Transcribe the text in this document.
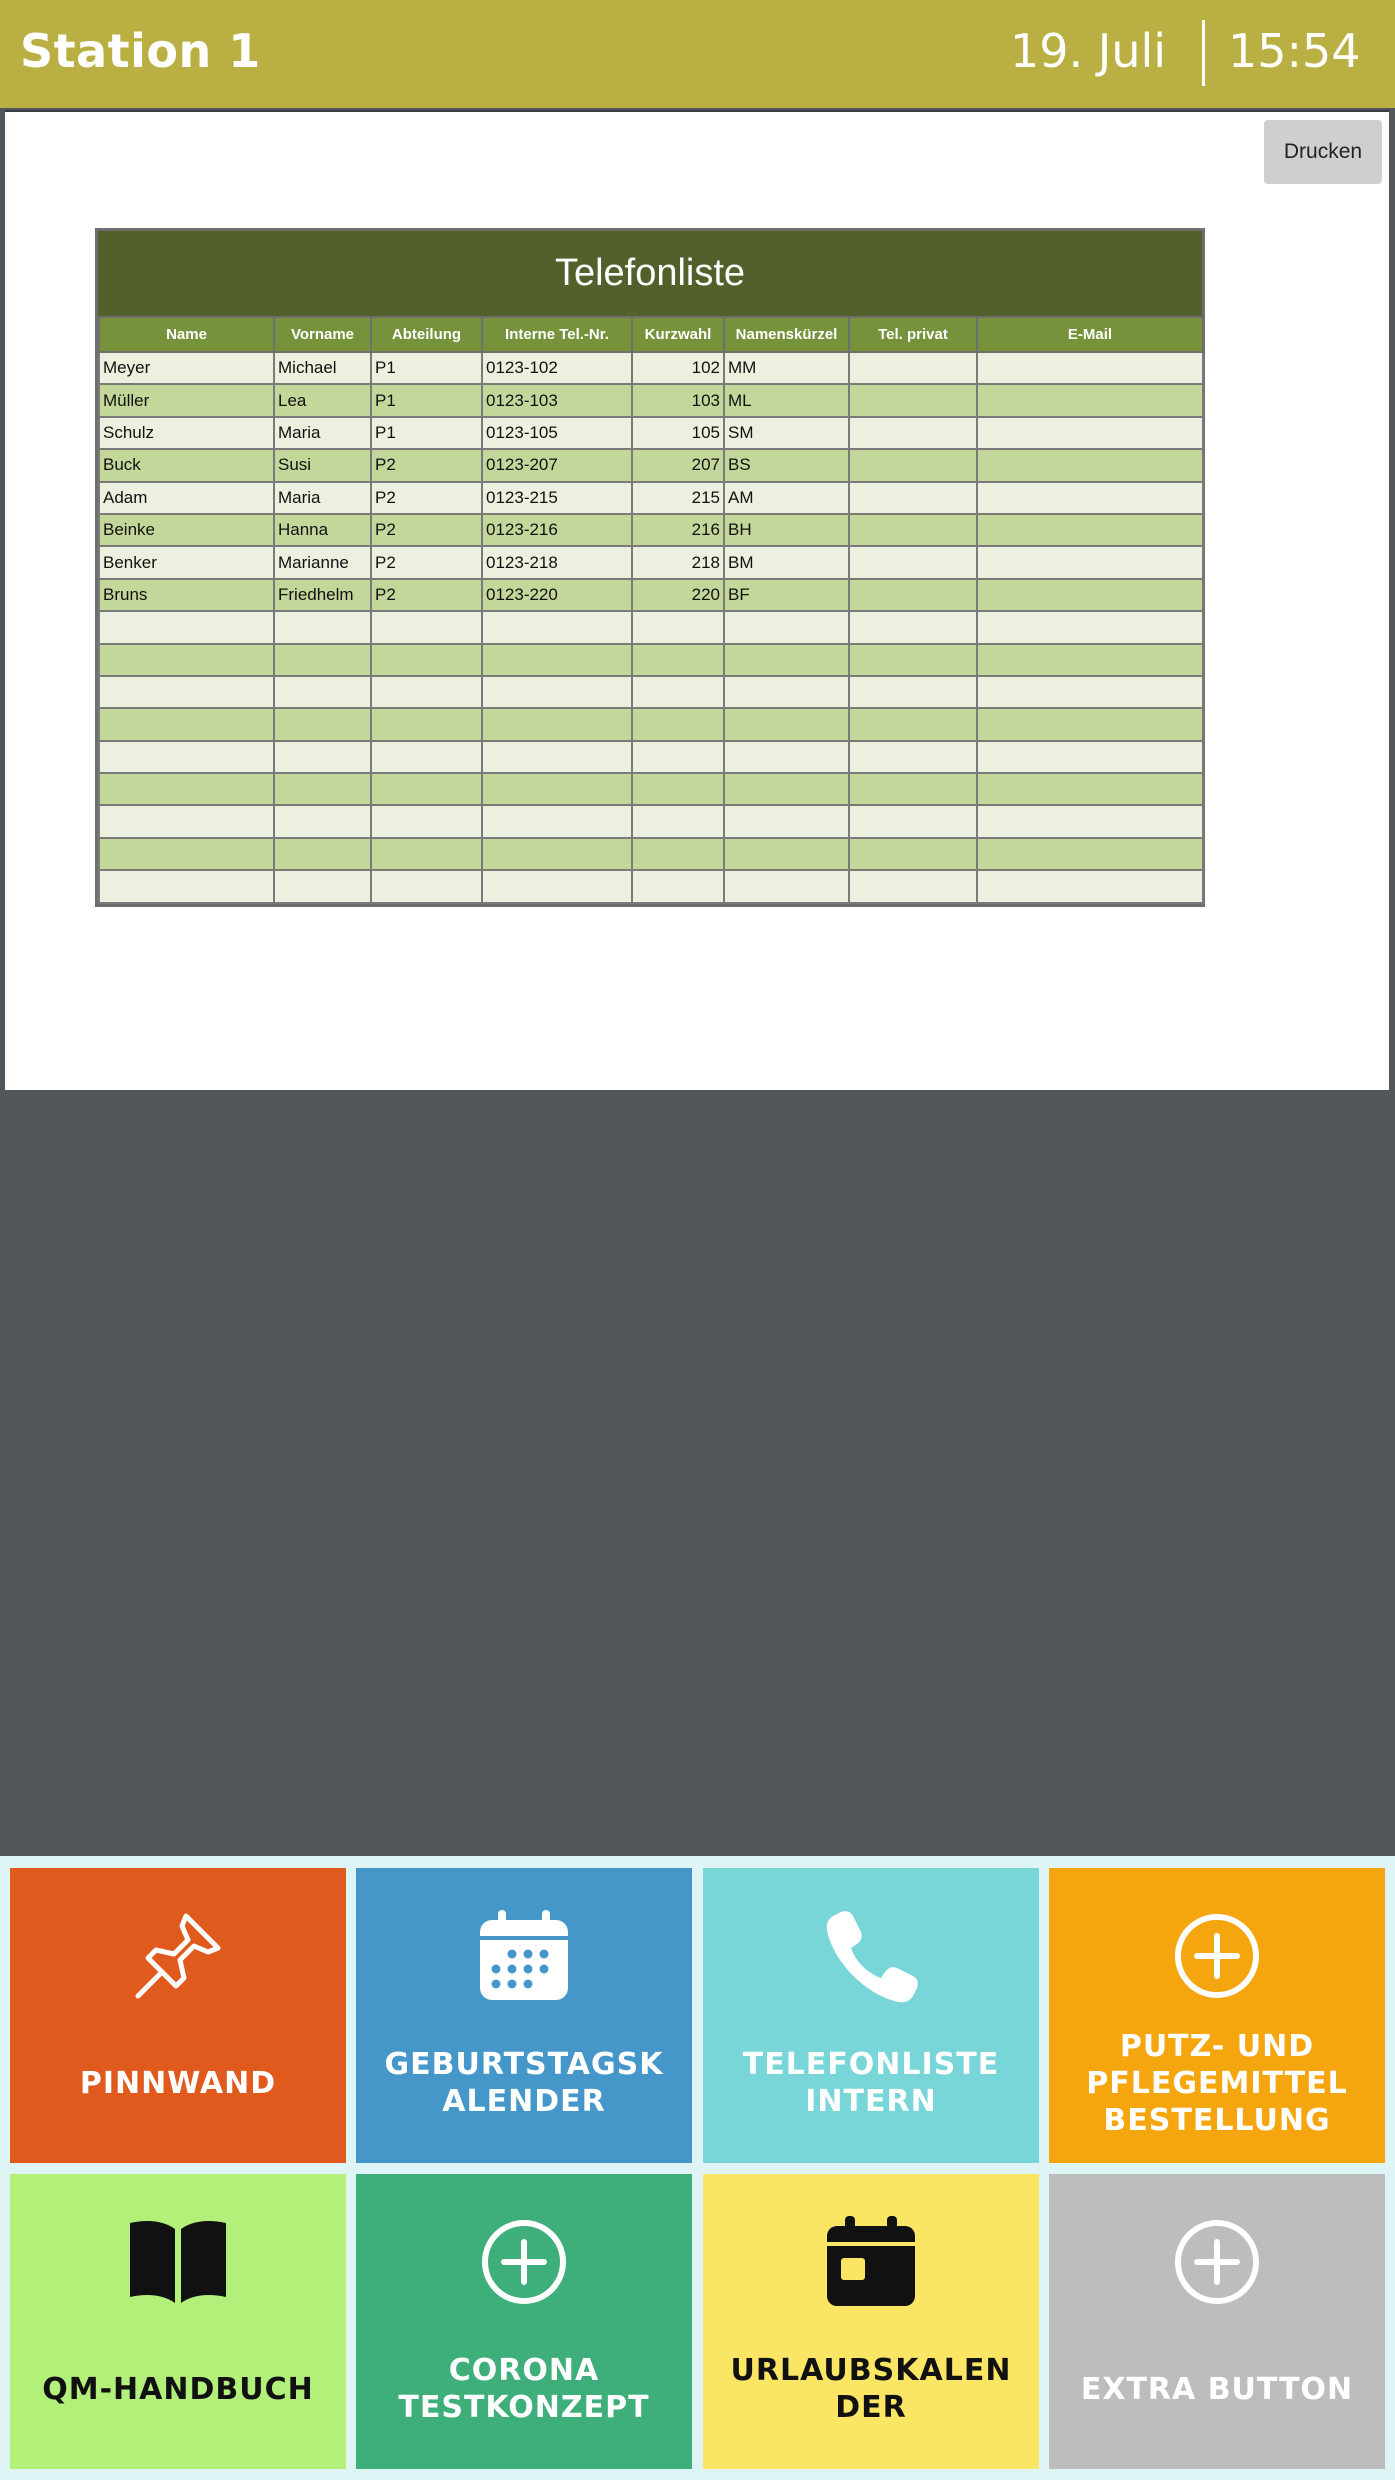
Station 1	19. Juli 15:54
Drucken
Telefonliste
Name	Vorname	Abteilung	Interne Tel.-Nr.	Kurzwahl	Namenskürzel	Tel. privat	E-Mail
Meyer	Michael	P1	0123-102	102	MM		
Müller	Lea	P1	0123-103	103	ML		
Schulz	Maria	P1	0123-105	105	SM		
Buck	Susi	P2	0123-207	207	BS		
Adam	Maria	P2	0123-215	215	AM		
Beinke	Hanna	P2	0123-216	216	BH		
Benker	Marianne	P2	0123-218	218	BM		
Bruns	Friedhelm	P2	0123-220	220	BF		

PINNWAND
GEBURTSTAGSK
ALENDER
TELEFONLISTE
INTERN
PUTZ- UND
PFLEGEMITTEL
BESTELLUNG
QM-HANDBUCH
CORONA
TESTKONZEPT
URLAUBSKALEN
DER
EXTRA BUTTON
